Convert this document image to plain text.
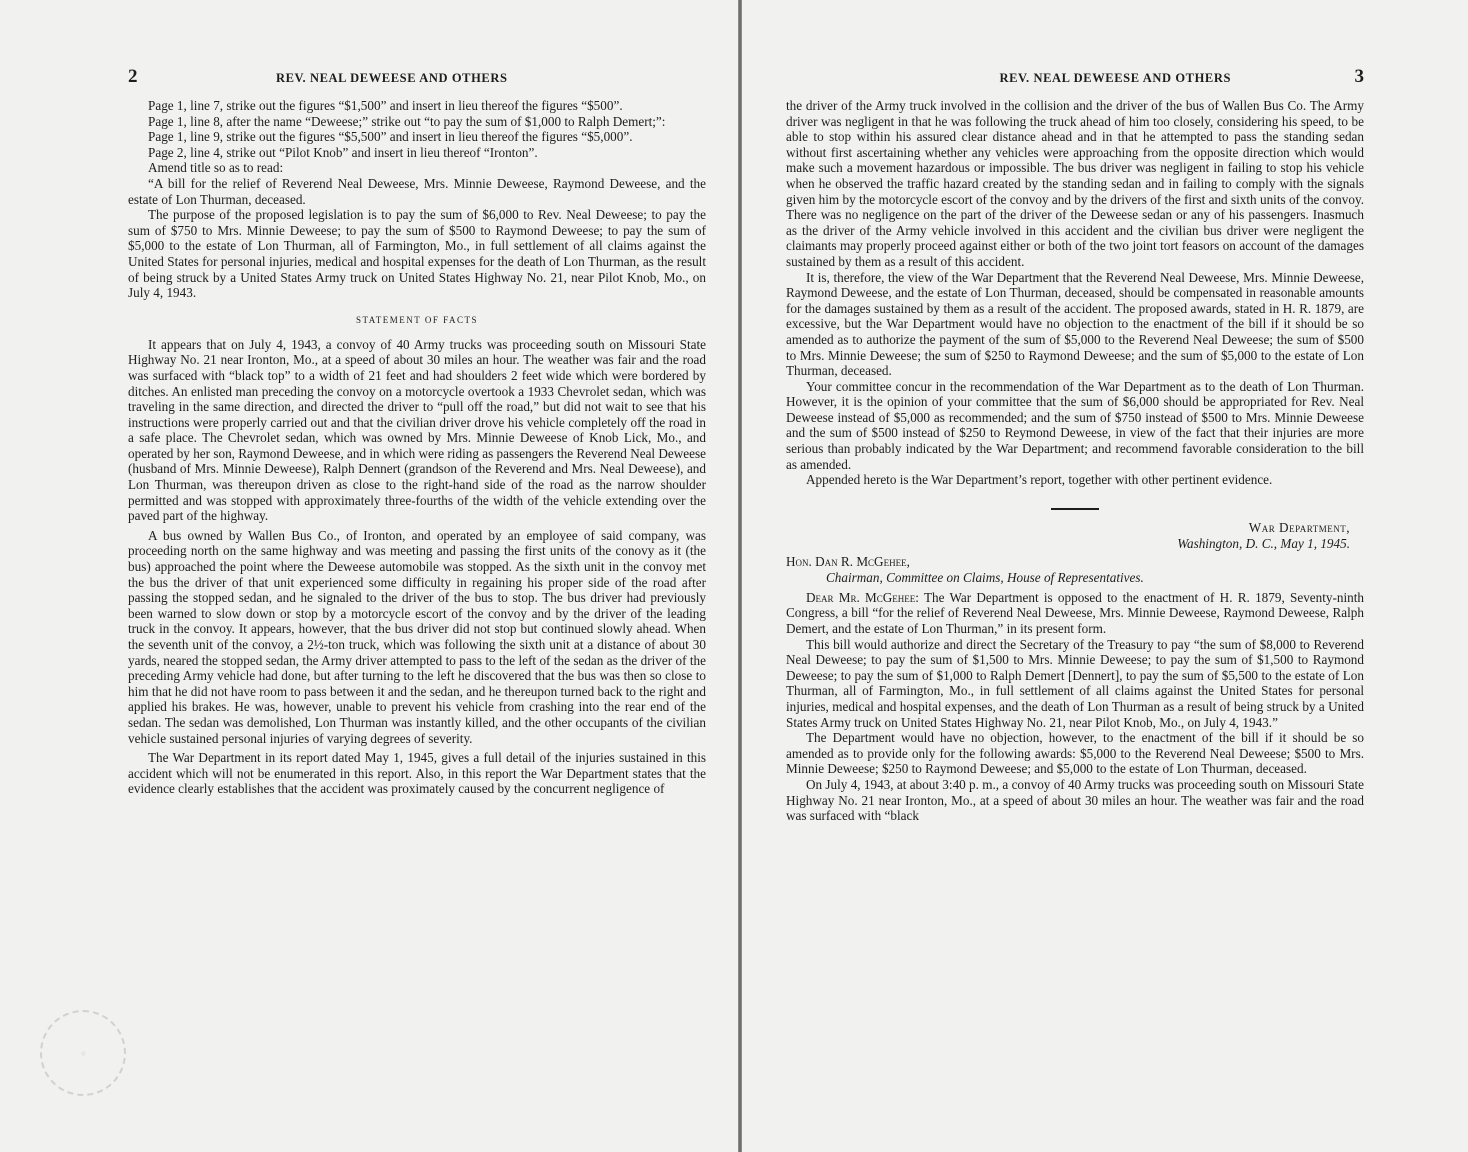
2	REV. NEAL DEWEESE AND OTHERS

Page 1, line 7, strike out the figures “$1,500” and insert in lieu thereof the figures “$500”.

Page 1, line 8, after the name “Deweese;” strike out “to pay the sum of $1,000 to Ralph Demert;”:

Page 1, line 9, strike out the figures “$5,500” and insert in lieu thereof the figures “$5,000”.

Page 2, line 4, strike out “Pilot Knob” and insert in lieu thereof “Ironton”.

Amend title so as to read:

“A bill for the relief of Reverend Neal Deweese, Mrs. Minnie Deweese, Raymond Deweese, and the estate of Lon Thurman, deceased.

The purpose of the proposed legislation is to pay the sum of $6,000 to Rev. Neal Deweese; to pay the sum of $750 to Mrs. Minnie Deweese; to pay the sum of $500 to Raymond Deweese; to pay the sum of $5,000 to the estate of Lon Thurman, all of Farmington, Mo., in full settlement of all claims against the United States for personal injuries, medical and hospital expenses for the death of Lon Thurman, as the result of being struck by a United States Army truck on United States Highway No. 21, near Pilot Knob, Mo., on July 4, 1943.

STATEMENT OF FACTS

It appears that on July 4, 1943, a convoy of 40 Army trucks was proceeding south on Missouri State Highway No. 21 near Ironton, Mo., at a speed of about 30 miles an hour. The weather was fair and the road was surfaced with “black top” to a width of 21 feet and had shoulders 2 feet wide which were bordered by ditches. An enlisted man preceding the convoy on a motorcycle overtook a 1933 Chevrolet sedan, which was traveling in the same direction, and directed the driver to “pull off the road,” but did not wait to see that his instructions were properly carried out and that the civilian driver drove his vehicle completely off the road in a safe place. The Chevrolet sedan, which was owned by Mrs. Minnie Deweese of Knob Lick, Mo., and operated by her son, Raymond Deweese, and in which were riding as passengers the Reverend Neal Deweese (husband of Mrs. Minnie Deweese), Ralph Dennert (grandson of the Reverend and Mrs. Neal Deweese), and Lon Thurman, was thereupon driven as close to the right-hand side of the road as the narrow shoulder permitted and was stopped with approximately three-fourths of the width of the vehicle extending over the paved part of the highway.

A bus owned by Wallen Bus Co., of Ironton, and operated by an employee of said company, was proceeding north on the same highway and was meeting and passing the first units of the conovy as it (the bus) approached the point where the Deweese automobile was stopped. As the sixth unit in the convoy met the bus the driver of that unit experienced some difficulty in regaining his proper side of the road after passing the stopped sedan, and he signaled to the driver of the bus to stop. The bus driver had previously been warned to slow down or stop by a motorcycle escort of the convoy and by the driver of the leading truck in the convoy. It appears, however, that the bus driver did not stop but continued slowly ahead. When the seventh unit of the convoy, a 2½-ton truck, which was following the sixth unit at a distance of about 30 yards, neared the stopped sedan, the Army driver attempted to pass to the left of the sedan as the driver of the preceding Army vehicle had done, but after turning to the left he discovered that the bus was then so close to him that he did not have room to pass between it and the sedan, and he thereupon turned back to the right and applied his brakes. He was, however, unable to prevent his vehicle from crashing into the rear end of the sedan. The sedan was demolished, Lon Thurman was instantly killed, and the other occupants of the civilian vehicle sustained personal injuries of varying degrees of severity.

The War Department in its report dated May 1, 1945, gives a full detail of the injuries sustained in this accident which will not be enumerated in this report. Also, in this report the War Department states that the evidence clearly establishes that the accident was proximately caused by the concurrent negligence of

○
REV. NEAL DEWEESE AND OTHERS	3

the driver of the Army truck involved in the collision and the driver of the bus of Wallen Bus Co. The Army driver was negligent in that he was following the truck ahead of him too closely, considering his speed, to be able to stop within his assured clear distance ahead and in that he attempted to pass the standing sedan without first ascertaining whether any vehicles were approaching from the opposite direction which would make such a movement hazardous or impossible. The bus driver was negligent in failing to stop his vehicle when he observed the traffic hazard created by the standing sedan and in failing to comply with the signals given him by the motorcycle escort of the convoy and by the drivers of the first and sixth units of the convoy. There was no negligence on the part of the driver of the Deweese sedan or any of his passengers. Inasmuch as the driver of the Army vehicle involved in this accident and the civilian bus driver were negligent the claimants may properly proceed against either or both of the two joint tort feasors on account of the damages sustained by them as a result of this accident.

It is, therefore, the view of the War Department that the Reverend Neal Deweese, Mrs. Minnie Deweese, Raymond Deweese, and the estate of Lon Thurman, deceased, should be compensated in reasonable amounts for the damages sustained by them as a result of the accident. The proposed awards, stated in H. R. 1879, are excessive, but the War Department would have no objection to the enactment of the bill if it should be so amended as to authorize the payment of the sum of $5,000 to the Reverend Neal Deweese; the sum of $500 to Mrs. Minnie Deweese; the sum of $250 to Raymond Deweese; and the sum of $5,000 to the estate of Lon Thurman, deceased.

Your committee concur in the recommendation of the War Department as to the death of Lon Thurman. However, it is the opinion of your committee that the sum of $6,000 should be appropriated for Rev. Neal Deweese instead of $5,000 as recommended; and the sum of $750 instead of $500 to Mrs. Minnie Deweese and the sum of $500 instead of $250 to Reymond Deweese, in view of the fact that their injuries are more serious than probably indicated by the War Department; and recommend favorable consideration to the bill as amended.

Appended hereto is the War Department’s report, together with other pertinent evidence.

War Department,
Washington, D. C., May 1, 1945.
Hon. Dan R. McGehee,
Chairman, Committee on Claims, House of Representatives.

Dear Mr. McGehee: The War Department is opposed to the enactment of H. R. 1879, Seventy-ninth Congress, a bill “for the relief of Reverend Neal Deweese, Mrs. Minnie Deweese, Raymond Deweese, Ralph Demert, and the estate of Lon Thurman,” in its present form.

This bill would authorize and direct the Secretary of the Treasury to pay “the sum of $8,000 to Reverend Neal Deweese; to pay the sum of $1,500 to Mrs. Minnie Deweese; to pay the sum of $1,500 to Raymond Deweese; to pay the sum of $1,000 to Ralph Demert [Dennert], to pay the sum of $5,500 to the estate of Lon Thurman, all of Farmington, Mo., in full settlement of all claims against the United States for personal injuries, medical and hospital expenses, and the death of Lon Thurman as a result of being struck by a United States Army truck on United States Highway No. 21, near Pilot Knob, Mo., on July 4, 1943.”

The Department would have no objection, however, to the enactment of the bill if it should be so amended as to provide only for the following awards: $5,000 to the Reverend Neal Deweese; $500 to Mrs. Minnie Deweese; $250 to Raymond Deweese; and $5,000 to the estate of Lon Thurman, deceased.

On July 4, 1943, at about 3:40 p. m., a convoy of 40 Army trucks was proceeding south on Missouri State Highway No. 21 near Ironton, Mo., at a speed of about 30 miles an hour. The weather was fair and the road was surfaced with “black
